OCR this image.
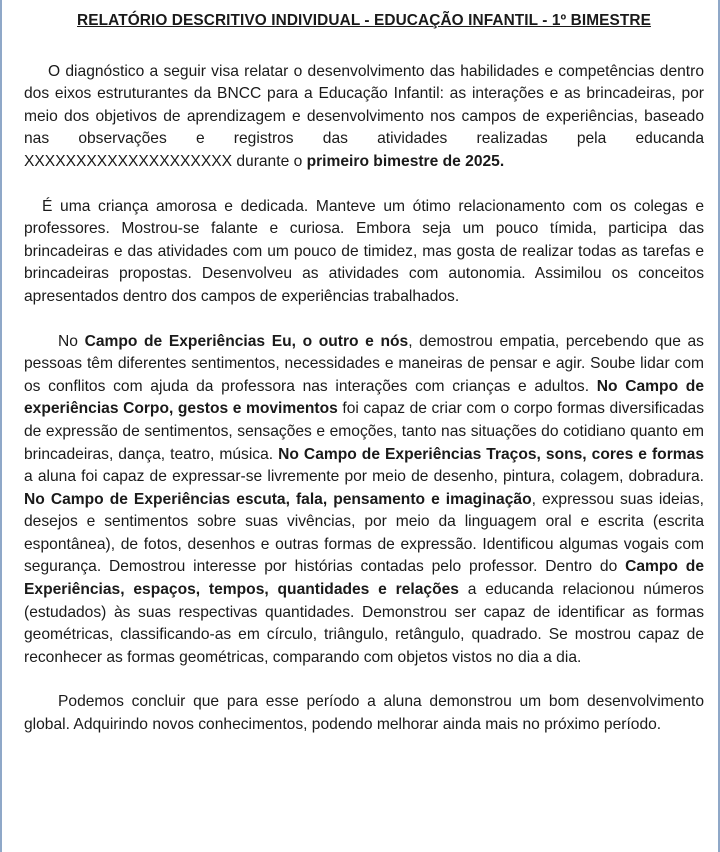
RELATÓRIO DESCRITIVO INDIVIDUAL - EDUCAÇÃO INFANTIL - 1º BIMESTRE

O diagnóstico a seguir visa relatar o desenvolvimento das habilidades e competências dentro dos eixos estruturantes da BNCC para a Educação Infantil: as interações e as brincadeiras, por meio dos objetivos de aprendizagem e desenvolvimento nos campos de experiências, baseado nas observações e registros das atividades realizadas pela educanda XXXXXXXXXXXXXXXXXXXX durante o primeiro bimestre de 2025.

É uma criança amorosa e dedicada. Manteve um ótimo relacionamento com os colegas e professores. Mostrou-se falante e curiosa. Embora seja um pouco tímida, participa das brincadeiras e das atividades com um pouco de timidez, mas gosta de realizar todas as tarefas e brincadeiras propostas. Desenvolveu as atividades com autonomia. Assimilou os conceitos apresentados dentro dos campos de experiências trabalhados.

No Campo de Experiências Eu, o outro e nós, demostrou empatia, percebendo que as pessoas têm diferentes sentimentos, necessidades e maneiras de pensar e agir. Soube lidar com os conflitos com ajuda da professora nas interações com crianças e adultos. No Campo de experiências Corpo, gestos e movimentos foi capaz de criar com o corpo formas diversificadas de expressão de sentimentos, sensações e emoções, tanto nas situações do cotidiano quanto em brincadeiras, dança, teatro, música. No Campo de Experiências Traços, sons, cores e formas a aluna foi capaz de expressar-se livremente por meio de desenho, pintura, colagem, dobradura. No Campo de Experiências escuta, fala, pensamento e imaginação, expressou suas ideias, desejos e sentimentos sobre suas vivências, por meio da linguagem oral e escrita (escrita espontânea), de fotos, desenhos e outras formas de expressão. Identificou algumas vogais com segurança. Demostrou interesse por histórias contadas pelo professor. Dentro do Campo de Experiências, espaços, tempos, quantidades e relações a educanda relacionou números (estudados) às suas respectivas quantidades. Demonstrou ser capaz de identificar as formas geométricas, classificando-as em círculo, triângulo, retângulo, quadrado. Se mostrou capaz de reconhecer as formas geométricas, comparando com objetos vistos no dia a dia.

Podemos concluir que para esse período a aluna demonstrou um bom desenvolvimento global. Adquirindo novos conhecimentos, podendo melhorar ainda mais no próximo período.
